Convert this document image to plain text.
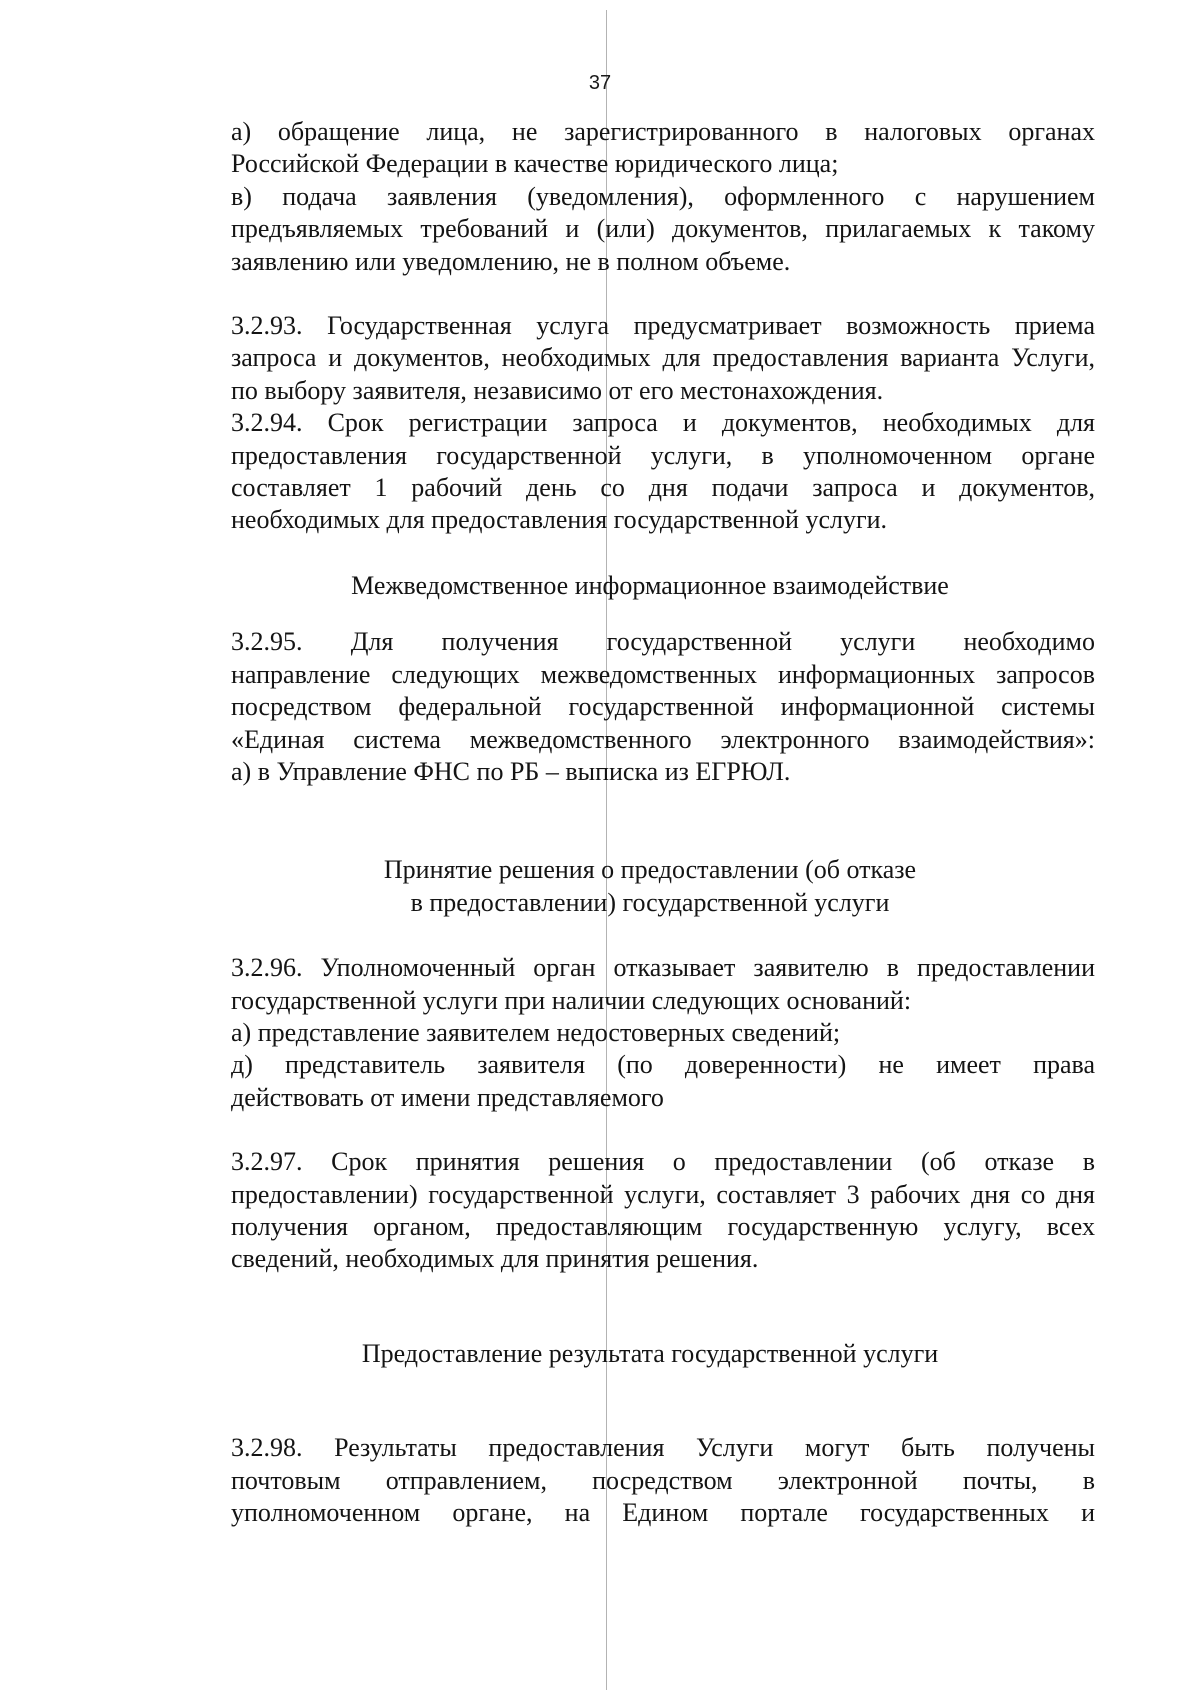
37

а) обращение лица, не зарегистрированного в налоговых органах
Российской Федерации в качестве юридического лица;

в) подача заявления (уведомления), оформленного с нарушением
предъявляемых требований и (или) документов, прилагаемых к такому
заявлению или уведомлению, не в полном объеме.

3.2.93. Государственная услуга предусматривает возможность приема
запроса и документов, необходимых для предоставления варианта Услуги,
по выбору заявителя, независимо от его местонахождения.

3.2.94. Срок регистрации запроса и документов, необходимых для
предоставления государственной услуги, в уполномоченном органе
составляет 1 рабочий день со дня подачи запроса и документов,
необходимых для предоставления государственной услуги.

Межведомственное информационное взаимодействие

3.2.95. Для получения государственной услуги необходимо
направление следующих межведомственных информационных запросов
посредством федеральной государственной информационной системы
«Единая система межведомственного электронного взаимодействия»:

а) в Управление ФНС по РБ – выписка из ЕГРЮЛ.

Принятие решения о предоставлении (об отказе
в предоставлении) государственной услуги

3.2.96. Уполномоченный орган отказывает заявителю в предоставлении
государственной услуги при наличии следующих оснований:

а) представление заявителем недостоверных сведений;

д) представитель заявителя (по доверенности) не имеет права
действовать от имени представляемого

3.2.97. Срок принятия решения о предоставлении (об отказе в
предоставлении) государственной услуги, составляет 3 рабочих дня со дня
получения органом, предоставляющим государственную услугу, всех
сведений, необходимых для принятия решения.

Предоставление результата государственной услуги

3.2.98. Результаты предоставления Услуги могут быть получены
почтовым отправлением, посредством электронной почты, в
уполномоченном органе, на Едином портале государственных и
